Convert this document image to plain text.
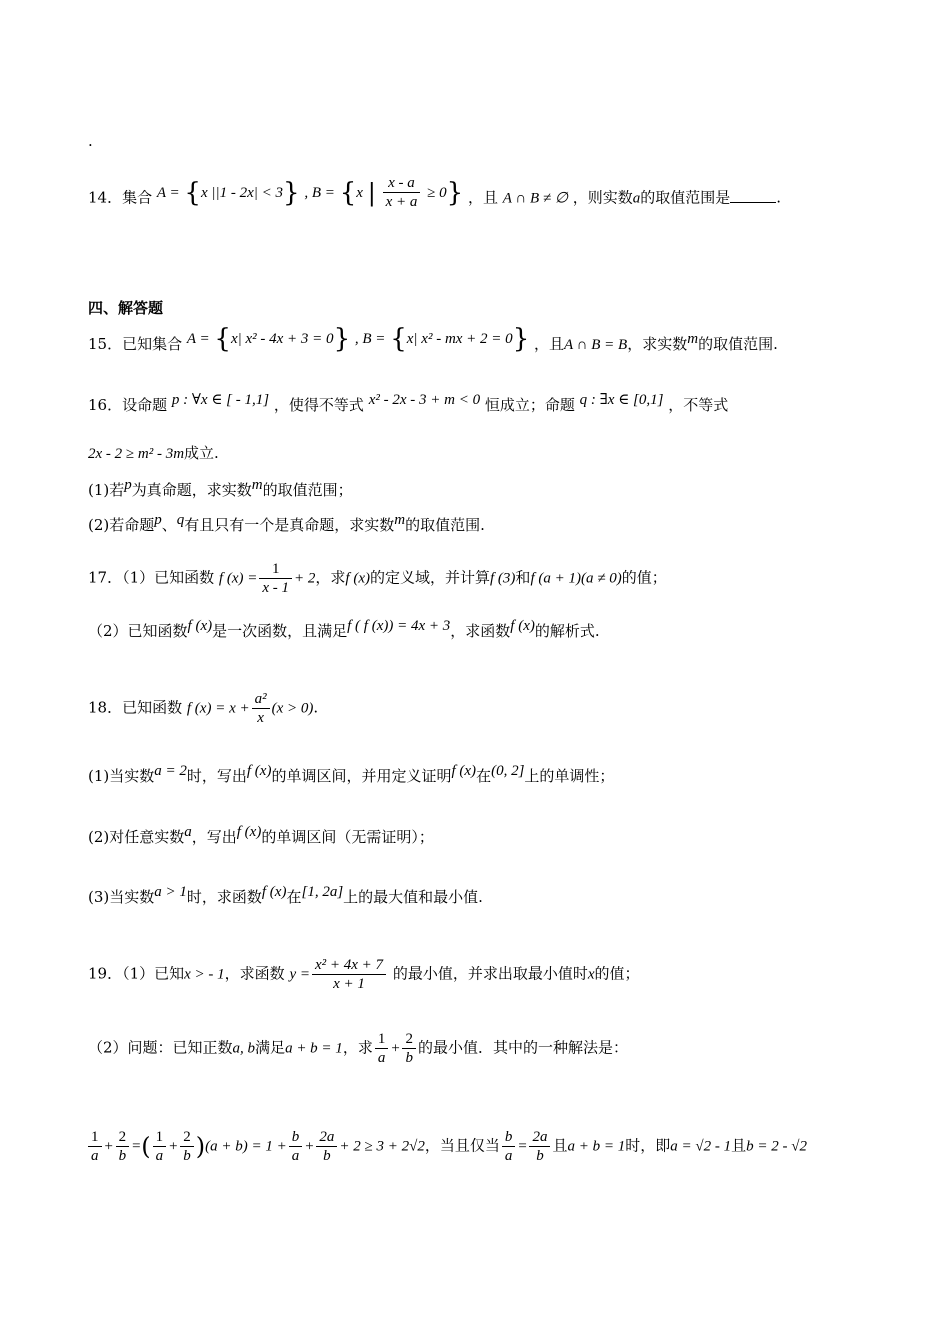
.
14．集合 A = {x ||1 - 2x| < 3} , B = {x | $\frac{x - a}{x + a} \ge 0$} ，且 A ∩ B ≠ ∅ ，则实数a的取值范围是	.
四、解答题
15．已知集合 A = {x| x² - 4x + 3 = 0} , B = {x| x² - mx + 2 = 0} ，且A ∩ B = B，求实数m的取值范围.
16．设命题 p : ∀x ∈ [ - 1,1] ，使得不等式 x² - 2x - 3 + m < 0 恒成立；命题 q : ∃x ∈ [0,1] ，不等式
2x - 2 ≥ m² - 3m成立.
(1)若p为真命题，求实数m的取值范围；
(2)若命题p、q有且只有一个是真命题，求实数m的取值范围.
17．（1）已知函数 f $(x) = \frac{1}{x - 1} + 2$，求f (x)的定义域，并计算f (3)和f (a + 1)(a ≠ 0)的值；
（2）已知函数f (x)是一次函数，且满足f ( f (x)) = 4x + 3，求函数f (x)的解析式.
18．已知函数 f $(x) = x + \frac{\text{a²}}{x} (x > 0)$.
(1)当实数a = 2时，写出f (x)的单调区间，并用定义证明f (x)在(0, 2]上的单调性；
(2)对任意实数a，写出f (x)的单调区间（无需证明）；
(3)当实数a > 1时，求函数f (x)在[1, 2a]上的最大值和最小值.
19．（1）已知x > - 1，求函数 $y = \frac{\text{x² + 4x + 7}}{x + 1}$ 的最小值，并求出取最小值时x的值；
（2）问题：已知正数a, b满足a + b = 1，求 $\frac{1}{a} + \frac{2}{b}$ 的最小值．其中的一种解法是：
$\frac{1}{a} + \frac{2}{b}$ =( $\frac{1}{a} + \frac{2}{b} )(a + b) = 1 + \frac{b}{a} + \frac{2a}{b} + 2 \ge 3 + 2√2$，当且仅当 $\frac{b}{a} = \frac{2a}{b}$ 且a + b = 1时，即a = √2 - 1且b = 2 - √2
